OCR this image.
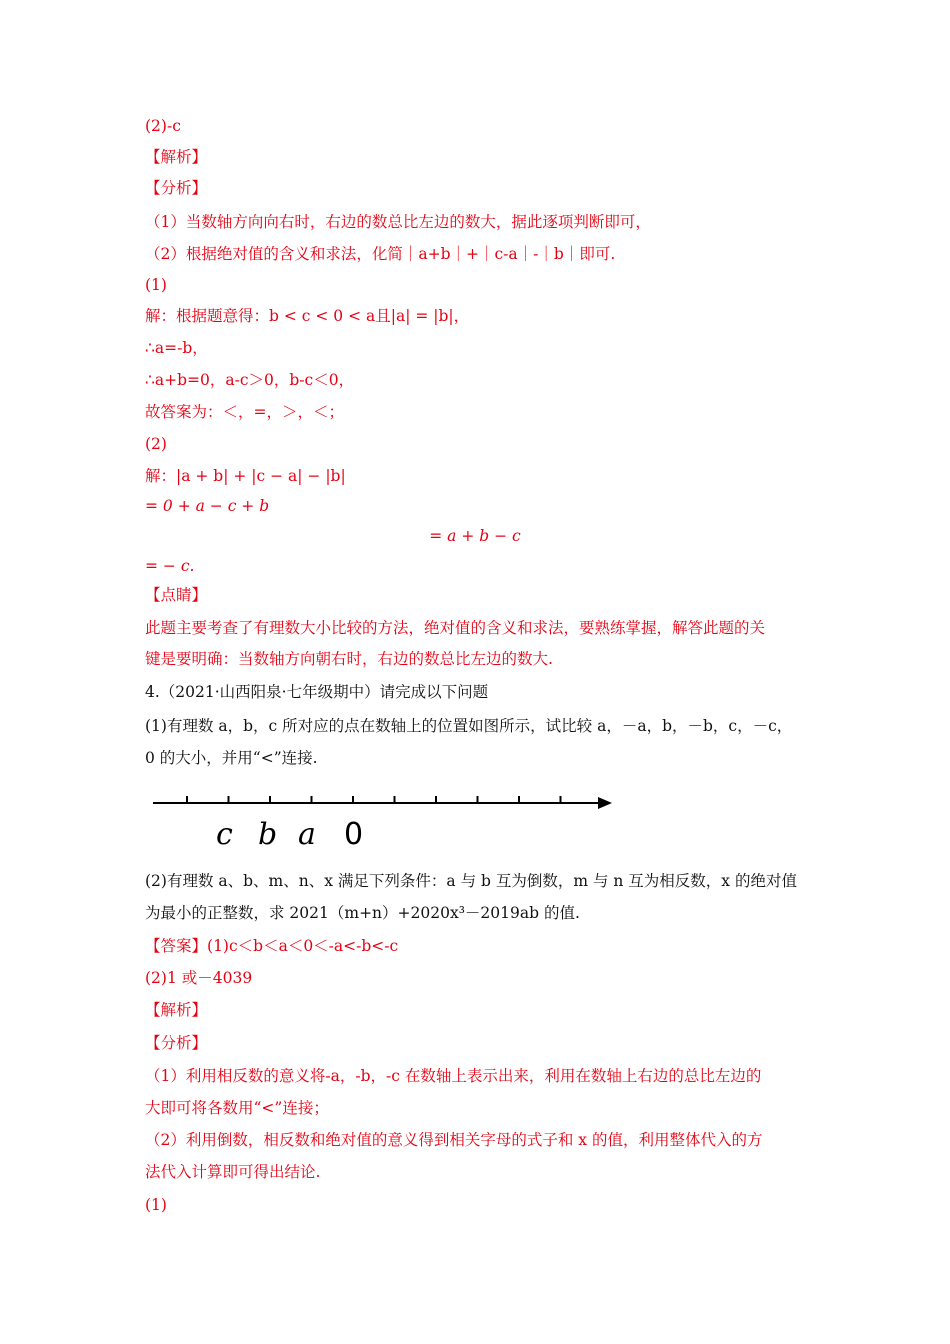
(2)-c
【解析】
【分析】
（1）当数轴方向向右时，右边的数总比左边的数大，据此逐项判断即可，
（2）根据绝对值的含义和求法，化简｜a+b｜+｜c-a｜-｜b｜即可.
(1)
解：根据题意得：b < c < 0 < a且|a| = |b|，
∴a=-b，
∴a+b=0，a-c＞0，b-c＜0，
故答案为：＜，=，＞，＜；
(2)
解：|a + b| + |c − a| − |b|
= 0 + a − c + b
= a + b − c
= − c.
【点睛】
此题主要考查了有理数大小比较的方法，绝对值的含义和求法，要熟练掌握，解答此题的关
键是要明确：当数轴方向朝右时，右边的数总比左边的数大.
4.（2021·山西阳泉·七年级期中）请完成以下问题
(1)有理数 a，b，c 所对应的点在数轴上的位置如图所示，试比较 a，－a，b，－b，c，－c，
0 的大小，并用“<”连接.
c b a 0
(2)有理数 a、b、m、n、x 满足下列条件：a 与 b 互为倒数，m 与 n 互为相反数，x 的绝对值
为最小的正整数，求 2021（m+n）+2020x³－2019ab 的值.
【答案】(1)c＜b＜a＜0＜-a<-b<-c
(2)1 或－4039
【解析】
【分析】
（1）利用相反数的意义将-a，-b，-c 在数轴上表示出来，利用在数轴上右边的总比左边的
大即可将各数用“<”连接；
（2）利用倒数，相反数和绝对值的意义得到相关字母的式子和 x 的值，利用整体代入的方
法代入计算即可得出结论.
(1)
